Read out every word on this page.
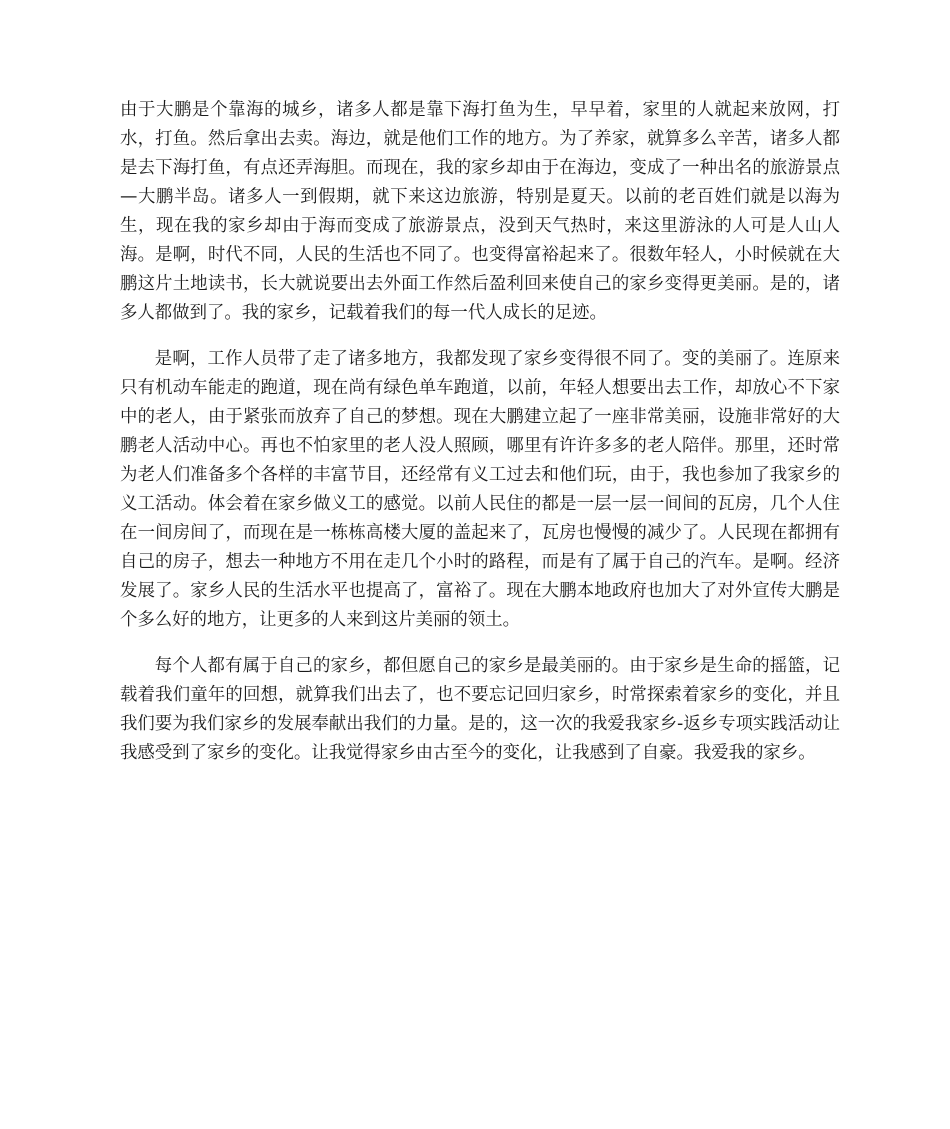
由于大鹏是个靠海的城乡，诸多人都是靠下海打鱼为生，早早着，家里的人就起来放网，打水，打鱼。然后拿出去卖。海边，就是他们工作的地方。为了养家，就算多么辛苦，诸多人都是去下海打鱼，有点还弄海胆。而现在，我的家乡却由于在海边，变成了一种出名的旅游景点—大鹏半岛。诸多人一到假期，就下来这边旅游，特别是夏天。以前的老百姓们就是以海为生，现在我的家乡却由于海而变成了旅游景点，没到天气热时，来这里游泳的人可是人山人海。是啊，时代不同，人民的生活也不同了。也变得富裕起来了。很数年轻人，小时候就在大鹏这片土地读书，长大就说要出去外面工作然后盈利回来使自己的家乡变得更美丽。是的，诸多人都做到了。我的家乡，记载着我们的每一代人成长的足迹。

是啊，工作人员带了走了诸多地方，我都发现了家乡变得很不同了。变的美丽了。连原来只有机动车能走的跑道，现在尚有绿色单车跑道，以前，年轻人想要出去工作，却放心不下家中的老人，由于紧张而放弃了自己的梦想。现在大鹏建立起了一座非常美丽，设施非常好的大鹏老人活动中心。再也不怕家里的老人没人照顾，哪里有许许多多的老人陪伴。那里，还时常为老人们准备多个各样的丰富节目，还经常有义工过去和他们玩，由于，我也参加了我家乡的义工活动。体会着在家乡做义工的感觉。以前人民住的都是一层一层一间间的瓦房，几个人住在一间房间了，而现在是一栋栋高楼大厦的盖起来了，瓦房也慢慢的减少了。人民现在都拥有自己的房子，想去一种地方不用在走几个小时的路程，而是有了属于自己的汽车。是啊。经济发展了。家乡人民的生活水平也提高了，富裕了。现在大鹏本地政府也加大了对外宣传大鹏是个多么好的地方，让更多的人来到这片美丽的领土。

每个人都有属于自己的家乡，都但愿自己的家乡是最美丽的。由于家乡是生命的摇篮，记载着我们童年的回想，就算我们出去了，也不要忘记回归家乡，时常探索着家乡的变化，并且我们要为我们家乡的发展奉献出我们的力量。是的，这一次的我爱我家乡-返乡专项实践活动让我感受到了家乡的变化。让我觉得家乡由古至今的变化，让我感到了自豪。我爱我的家乡。
